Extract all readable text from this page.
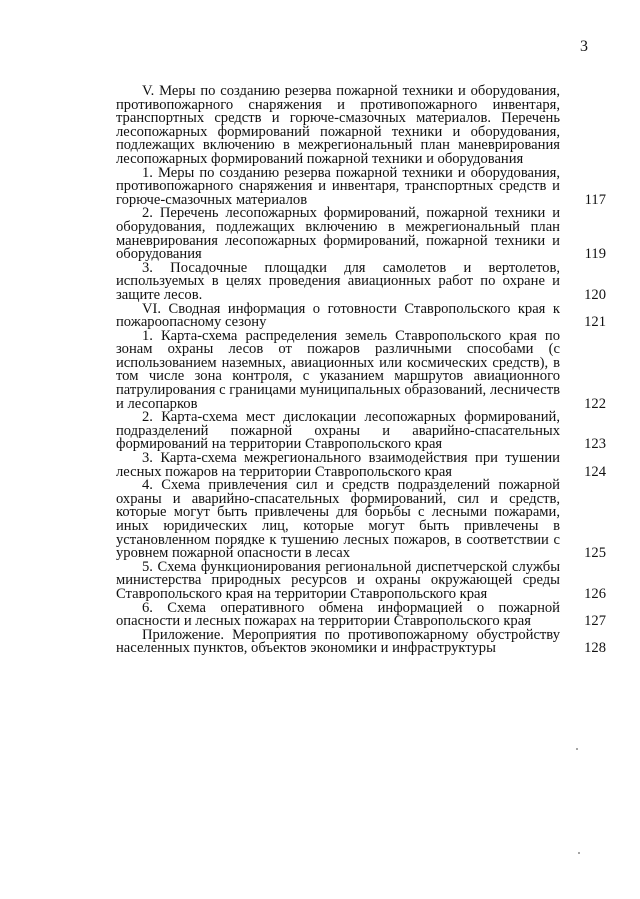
3
V. Меры по созданию резерва пожарной техники и оборудования, противопожарного снаряжения и противопожарного инвентаря, транспортных средств и горюче-смазочных материалов. Перечень лесопожарных формирований пожарной техники и оборудования, подлежащих включению в межрегиональный план маневрирования лесопожарных формирований пожарной техники и оборудования
1. Меры по созданию резерва пожарной техники и оборудования, противопожарного снаряжения и инвентаря, транспортных средств и горюче-смазочных материалов	117
2. Перечень лесопожарных формирований, пожарной техники и оборудования, подлежащих включению в межрегиональный план маневрирования лесопожарных формирований, пожарной техники и оборудования	119
3. Посадочные площадки для самолетов и вертолетов, используемых в целях проведения авиационных работ по охране и защите лесов.	120
VI. Сводная информация о готовности Ставропольского края к пожароопасному сезону	121
1. Карта-схема распределения земель Ставропольского края по зонам охраны лесов от пожаров различными способами (с использованием наземных, авиационных или космических средств), в том числе зона контроля, с указанием маршрутов авиационного патрулирования с границами муниципальных образований, лесничеств и лесопарков	122
2. Карта-схема мест дислокации лесопожарных формирований, подразделений пожарной охраны и аварийно-спасательных формирований на территории Ставропольского края	123
3. Карта-схема межрегионального взаимодействия при тушении лесных пожаров на территории Ставропольского края	124
4. Схема привлечения сил и средств подразделений пожарной охраны и аварийно-спасательных формирований, сил и средств, которые могут быть привлечены для борьбы с лесными пожарами, иных юридических лиц, которые могут быть привлечены в установленном порядке к тушению лесных пожаров, в соответствии с уровнем пожарной опасности в лесах	125
5. Схема функционирования региональной диспетчерской службы министерства природных ресурсов и охраны окружающей среды Ставропольского края на территории Ставропольского края	126
6. Схема оперативного обмена информацией о пожарной опасности и лесных пожарах на территории Ставропольского края	127
Приложение. Мероприятия по противопожарному обустройству населенных пунктов, объектов экономики и инфраструктуры	128
